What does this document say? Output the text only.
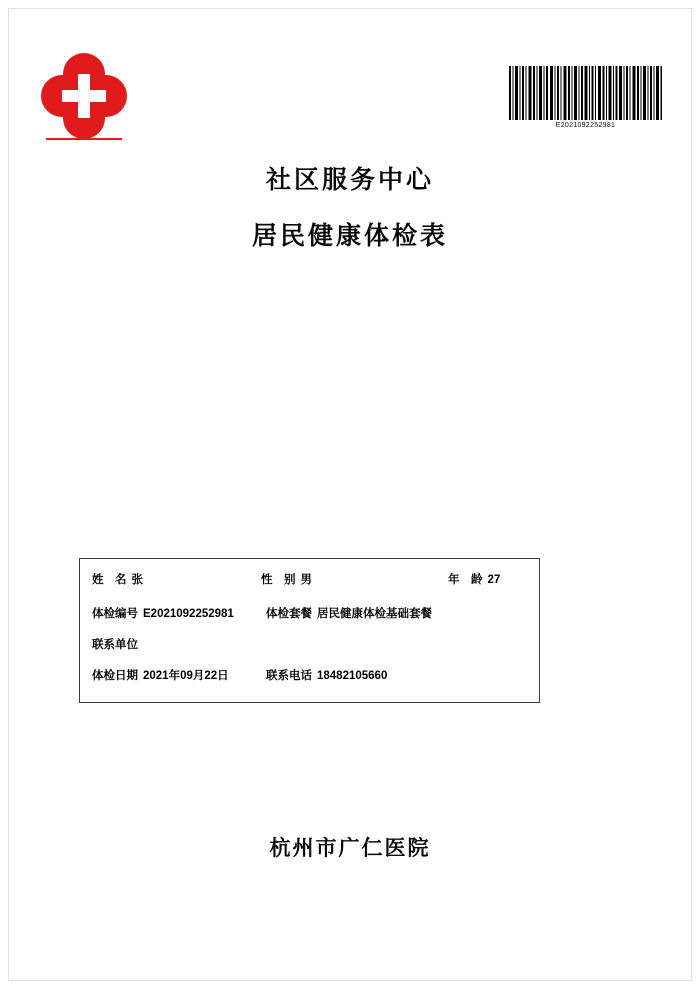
E2021092252981
社区服务中心
居民健康体检表
姓　名 张	性　别 男	年　龄 27
体检编号 E2021092252981	体检套餐 居民健康体检基础套餐
联系单位
体检日期 2021年09月22日	联系电话 18482105660
杭州市广仁医院
